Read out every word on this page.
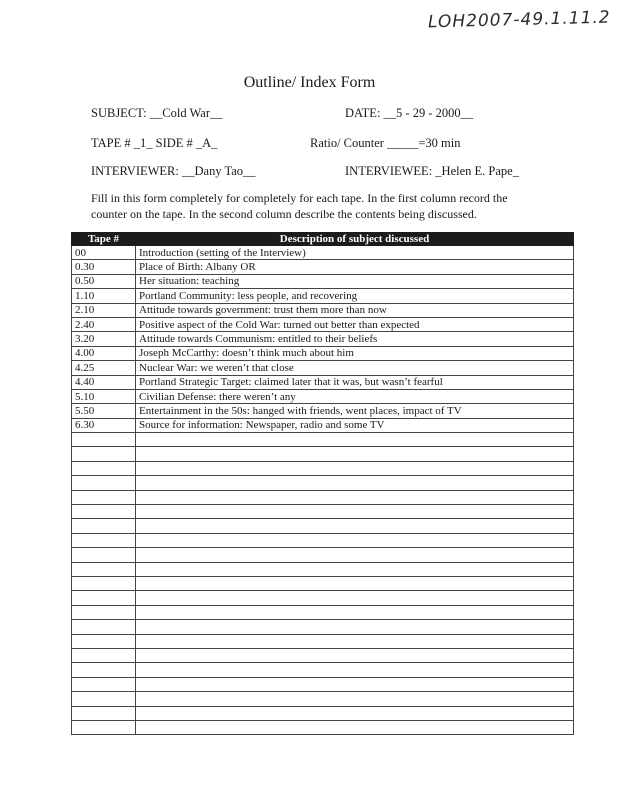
LOH2007-49.1.11.2
Outline/ Index Form
SUBJECT: __Cold War__	DATE: __5 - 29 - 2000__
TAPE # _1_ SIDE # _A_	Ratio/ Counter _____=30 min
INTERVIEWER: __Dany Tao__	INTERVIEWEE: _Helen E. Pape_
Fill in this form completely for completely for each tape. In the first column record the counter on the tape. In the second column describe the contents being discussed.
Tape #	Description of subject discussed
00	Introduction (setting of the Interview)
0.30	Place of Birth: Albany OR
0.50	Her situation: teaching
1.10	Portland Community: less people, and recovering
2.10	Attitude towards government: trust them more than now
2.40	Positive aspect of the Cold War: turned out better than expected
3.20	Attitude towards Communism: entitled to their beliefs
4.00	Joseph McCarthy: doesn’t think much about him
4.25	Nuclear War: we weren’t that close
4.40	Portland Strategic Target: claimed later that it was, but wasn’t fearful
5.10	Civilian Defense: there weren’t any
5.50	Entertainment in the 50s: hanged with friends, went places, impact of TV
6.30	Source for information: Newspaper, radio and some TV
